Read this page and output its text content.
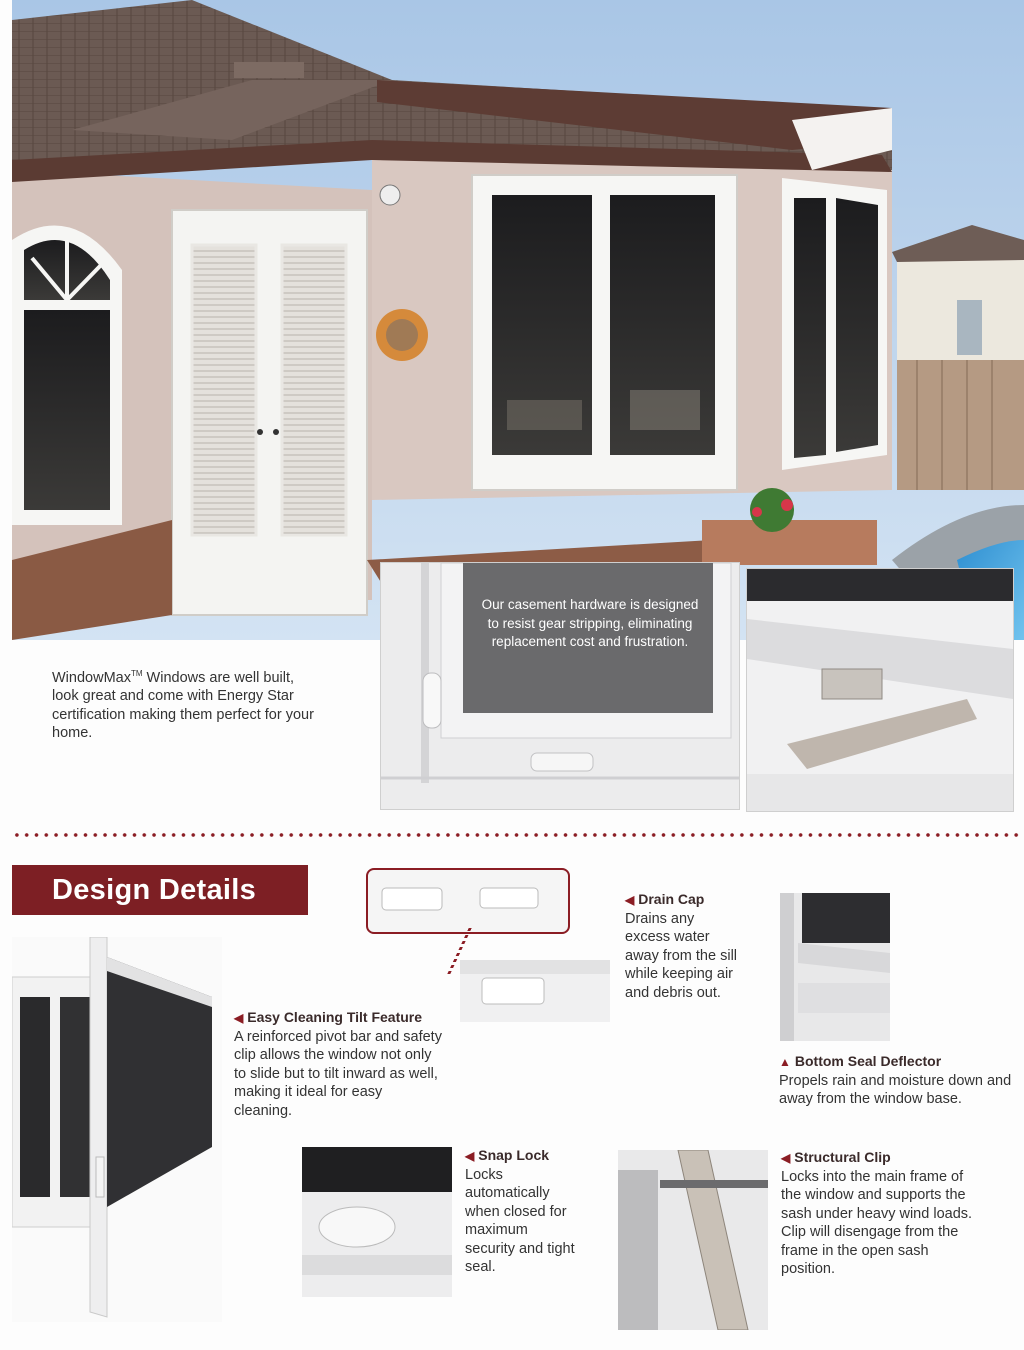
Our casement hardware is designed to resist gear stripping, eliminating replacement cost and frustration.
WindowMax™ Windows are well built, look great and come with Energy Star certification making them perfect for your home.
Design Details	◀ Drain Cap
Drains any excess water away from the sill while keeping air and debris out.
▲ Bottom Seal Deflector
Propels rain and moisture down and away from the window base.
◀ Easy Cleaning Tilt Feature
A reinforced pivot bar and safety clip allows the window not only to slide but to tilt inward as well, making it ideal for easy cleaning.
◀ Snap Lock
Locks automatically when closed for maximum security and tight seal.
◀ Structural Clip
Locks into the main frame of the window and supports the sash under heavy wind loads. Clip will disengage from the frame in the open sash position.
